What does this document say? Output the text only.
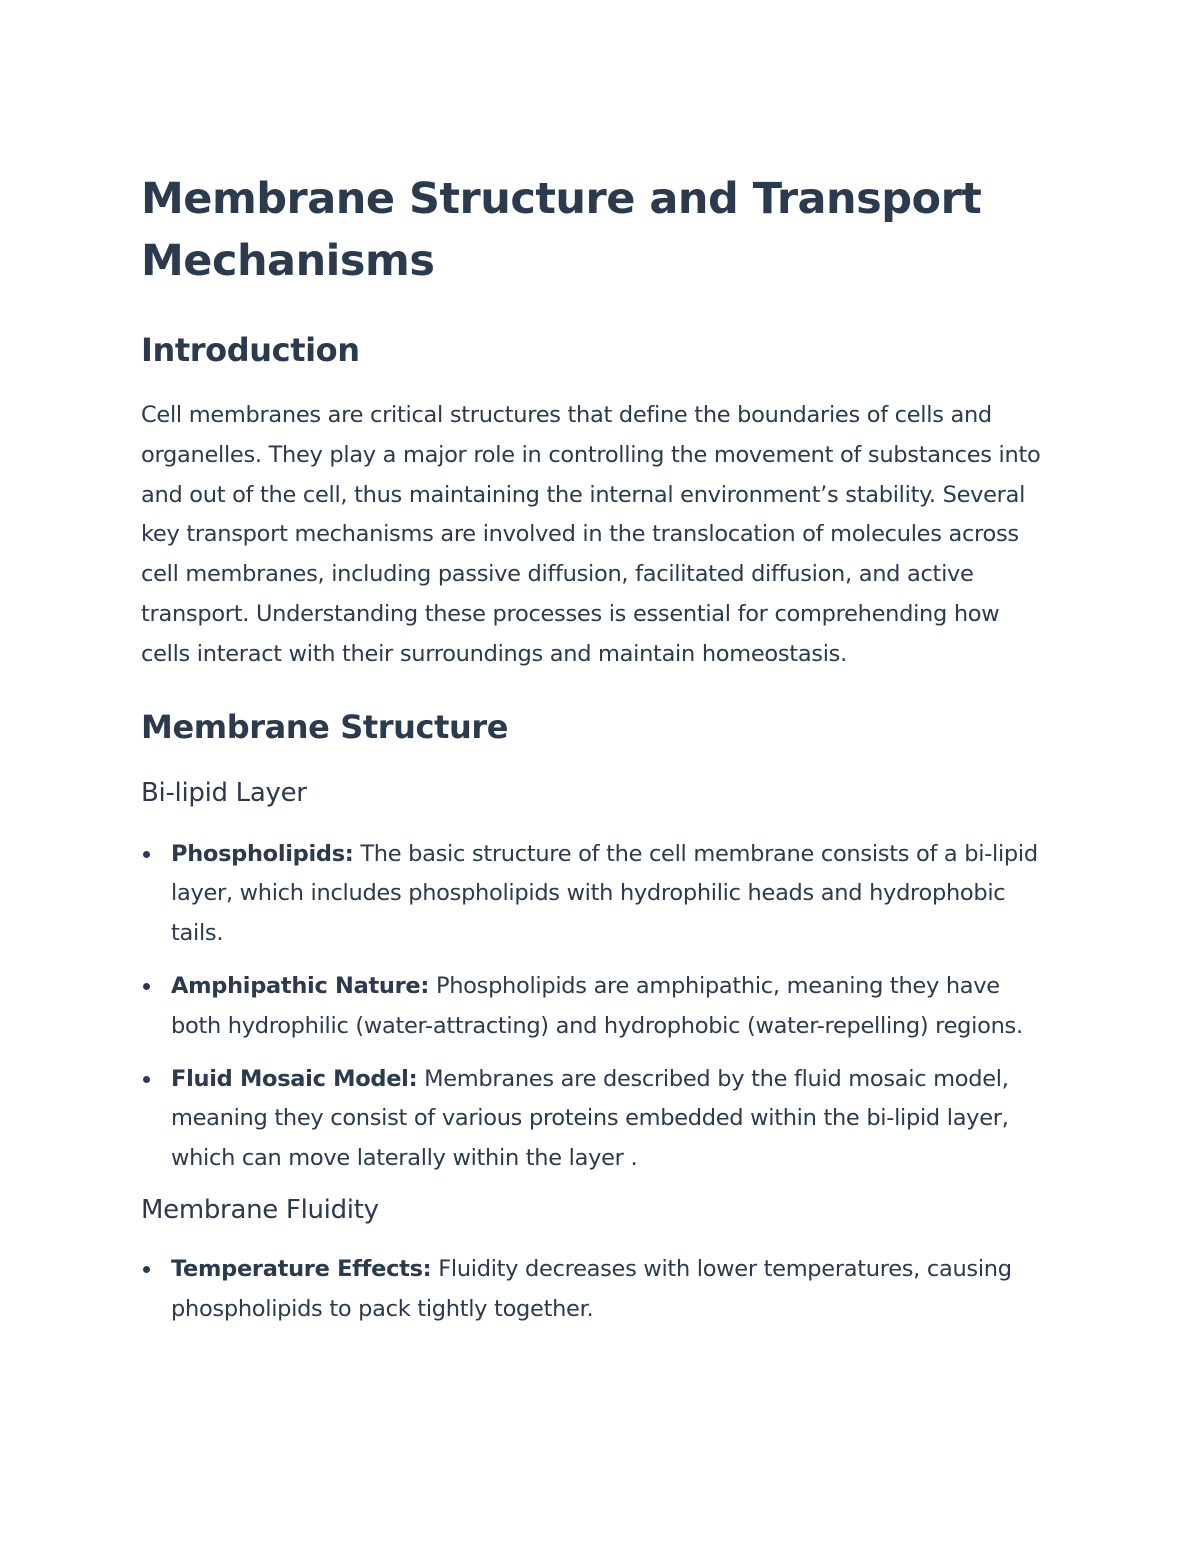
Membrane Structure and Transport Mechanisms
Introduction

Cell membranes are critical structures that define the boundaries of cells and organelles. They play a major role in controlling the movement of substances into and out of the cell, thus maintaining the internal environment’s stability. Several key transport mechanisms are involved in the translocation of molecules across cell membranes, including passive diffusion, facilitated diffusion, and active transport. Understanding these processes is essential for comprehending how cells interact with their surroundings and maintain homeostasis.

Membrane Structure
Bi-lipid Layer
Phospholipids: The basic structure of the cell membrane consists of a bi-lipid layer, which includes phospholipids with hydrophilic heads and hydrophobic tails.
Amphipathic Nature: Phospholipids are amphipathic, meaning they have both hydrophilic (water-attracting) and hydrophobic (water-repelling) regions.
Fluid Mosaic Model: Membranes are described by the fluid mosaic model, meaning they consist of various proteins embedded within the bi-lipid layer, which can move laterally within the layer .
Membrane Fluidity
Temperature Effects: Fluidity decreases with lower temperatures, causing phospholipids to pack tightly together.
